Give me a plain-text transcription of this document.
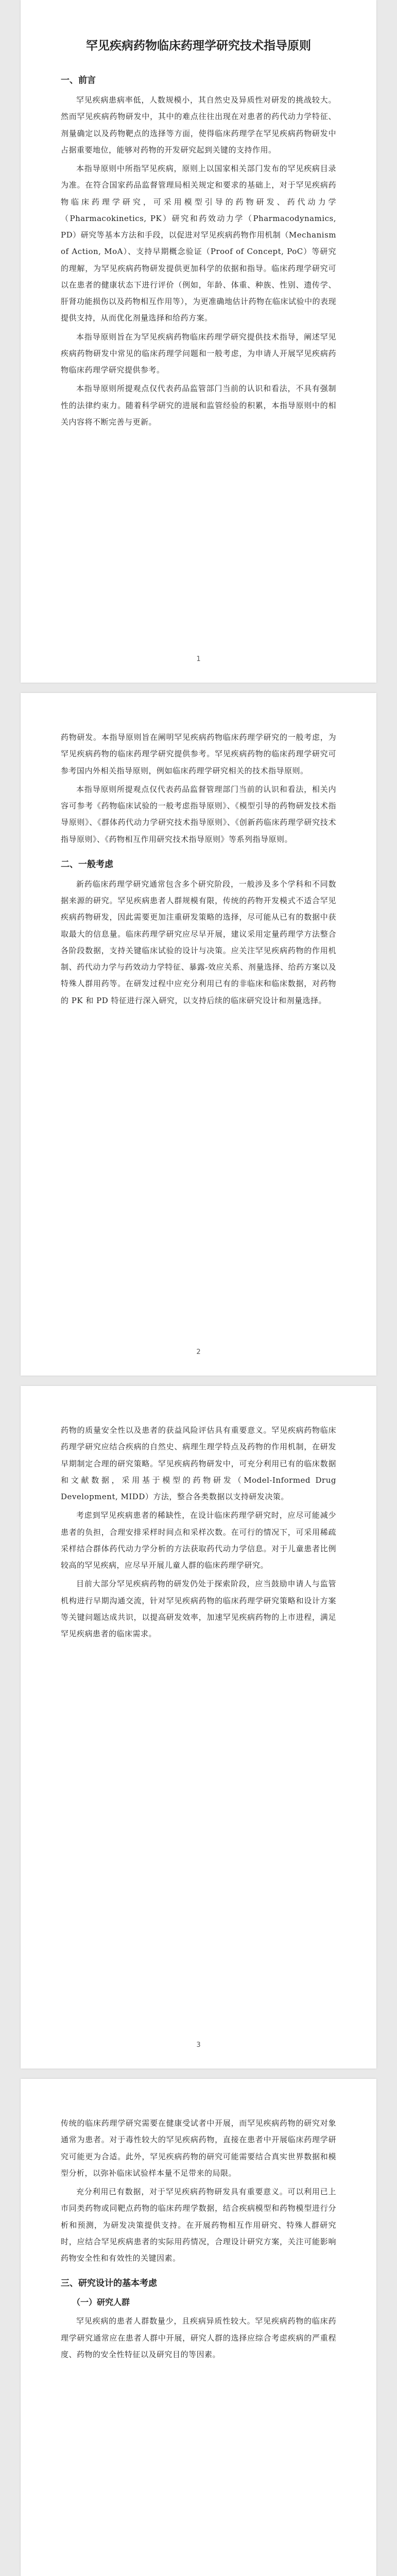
罕见疾病药物临床药理学研究技术指导原则
一、前言

罕见疾病患病率低，人数规模小，其自然史及异质性对研发的挑战较大。然而罕见疾病药物研发中，其中的难点往往出现在对患者的药代动力学特征、剂量确定以及药物靶点的选择等方面，使得临床药理学在罕见疾病药物研发中占据重要地位，能够对药物的开发研究起到关键的支持作用。

本指导原则中所指罕见疾病，原则上以国家相关部门发布的罕见疾病目录为准。在符合国家药品监督管理局相关规定和要求的基础上，对于罕见疾病药物临床药理学研究，可采用模型引导的药物研发、药代动力学（Pharmacokinetics, PK）研究和药效动力学（Pharmacodynamics, PD）研究等基本方法和手段，以促进对罕见疾病药物作用机制（Mechanism of Action, MoA）、支持早期概念验证（Proof of Concept, PoC）等研究的理解，为罕见疾病药物研发提供更加科学的依据和指导。临床药理学研究可以在患者的健康状态下进行评价（例如，年龄、体重、种族、性别、遗传学、肝肾功能损伤以及药物相互作用等），为更准确地估计药物在临床试验中的表现提供支持，从而优化剂量选择和给药方案。

本指导原则旨在为罕见疾病药物临床药理学研究提供技术指导，阐述罕见疾病药物研发中常见的临床药理学问题和一般考虑，为申请人开展罕见疾病药物临床药理学研究提供参考。

本指导原则所提观点仅代表药品监管部门当前的认识和看法，不具有强制性的法律约束力。随着科学研究的进展和监管经验的积累，本指导原则中的相关内容将不断完善与更新。

1

药物研发。本指导原则旨在阐明罕见疾病药物临床药理学研究的一般考虑，为罕见疾病药物的临床药理学研究提供参考。罕见疾病药物的临床药理学研究可参考国内外相关指导原则，例如临床药理学研究相关的技术指导原则。

本指导原则所提观点仅代表药品监督管理部门当前的认识和看法，相关内容可参考《药物临床试验的一般考虑指导原则》、《模型引导的药物研发技术指导原则》、《群体药代动力学研究技术指导原则》、《创新药临床药理学研究技术指导原则》、《药物相互作用研究技术指导原则》等系列指导原则。

二、一般考虑

新药临床药理学研究通常包含多个研究阶段，一般涉及多个学科和不同数据来源的研究。罕见疾病患者人群规模有限，传统的药物开发模式不适合罕见疾病药物研发，因此需要更加注重研发策略的选择，尽可能从已有的数据中获取最大的信息量。临床药理学研究应尽早开展，建议采用定量药理学方法整合各阶段数据，支持关键临床试验的设计与决策。应关注罕见疾病药物的作用机制、药代动力学与药效动力学特征、暴露-效应关系、剂量选择、给药方案以及特殊人群用药等。在研发过程中应充分利用已有的非临床和临床数据，对药物的 PK 和 PD 特征进行深入研究，以支持后续的临床研究设计和剂量选择。

2

药物的质量安全性以及患者的获益风险评估具有重要意义。罕见疾病药物临床药理学研究应结合疾病的自然史、病理生理学特点及药物的作用机制，在研发早期制定合理的研究策略。罕见疾病药物研发中，可充分利用已有的临床数据和文献数据，采用基于模型的药物研发（Model-Informed Drug Development, MIDD）方法，整合各类数据以支持研发决策。

考虑到罕见疾病患者的稀缺性，在设计临床药理学研究时，应尽可能减少患者的负担，合理安排采样时间点和采样次数。在可行的情况下，可采用稀疏采样结合群体药代动力学分析的方法获取药代动力学信息。对于儿童患者比例较高的罕见疾病，应尽早开展儿童人群的临床药理学研究。

目前大部分罕见疾病药物的研发仍处于探索阶段，应当鼓励申请人与监管机构进行早期沟通交流，针对罕见疾病药物的临床药理学研究策略和设计方案等关键问题达成共识，以提高研发效率，加速罕见疾病药物的上市进程，满足罕见疾病患者的临床需求。

3

传统的临床药理学研究需要在健康受试者中开展，而罕见疾病药物的研究对象通常为患者。对于毒性较大的罕见疾病药物，直接在患者中开展临床药理学研究可能更为合适。此外，罕见疾病药物的研究可能需要结合真实世界数据和模型分析，以弥补临床试验样本量不足带来的局限。

充分利用已有数据，对于罕见疾病药物研发具有重要意义。可以利用已上市同类药物或同靶点药物的临床药理学数据，结合疾病模型和药物模型进行分析和预测，为研发决策提供支持。在开展药物相互作用研究、特殊人群研究时，应结合罕见疾病患者的实际用药情况，合理设计研究方案，关注可能影响药物安全性和有效性的关键因素。

三、研究设计的基本考虑
（一）研究人群

罕见疾病的患者人群数量少，且疾病异质性较大。罕见疾病药物的临床药理学研究通常应在患者人群中开展，研究人群的选择应综合考虑疾病的严重程度、药物的安全性特征以及研究目的等因素。
